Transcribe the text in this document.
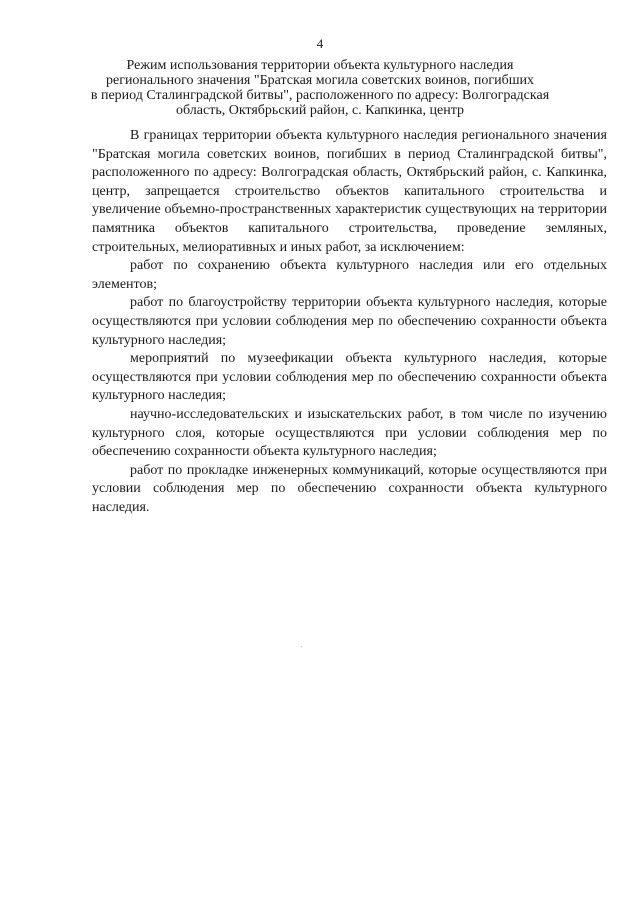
4
Режим использования территории объекта культурного наследия
регионального значения "Братская могила советских воинов, погибших
в период Сталинградской битвы", расположенного по адресу: Волгоградская
область, Октябрьский район, с. Капкинка, центр

В границах территории объекта культурного наследия регионального значения "Братская могила советских воинов, погибших в период Сталинградской битвы", расположенного по адресу: Волгоградская область, Октябрьский район, с. Капкинка, центр, запрещается строительство объектов капитального строительства и увеличение объемно-пространственных характеристик существующих на территории памятника объектов капитального строительства, проведение земляных, строительных, мелиоративных и иных работ, за исключением:

работ по сохранению объекта культурного наследия или его отдельных элементов;

работ по благоустройству территории объекта культурного наследия, которые осуществляются при условии соблюдения мер по обеспечению сохранности объекта культурного наследия;

мероприятий по музеефикации объекта культурного наследия, которые осуществляются при условии соблюдения мер по обеспечению сохранности объекта культурного наследия;

научно-исследовательских и изыскательских работ, в том числе по изучению культурного слоя, которые осуществляются при условии соблюдения мер по обеспечению сохранности объекта культурного наследия;

работ по прокладке инженерных коммуникаций, которые осуществляются при условии соблюдения мер по обеспечению сохранности объекта культурного наследия.
